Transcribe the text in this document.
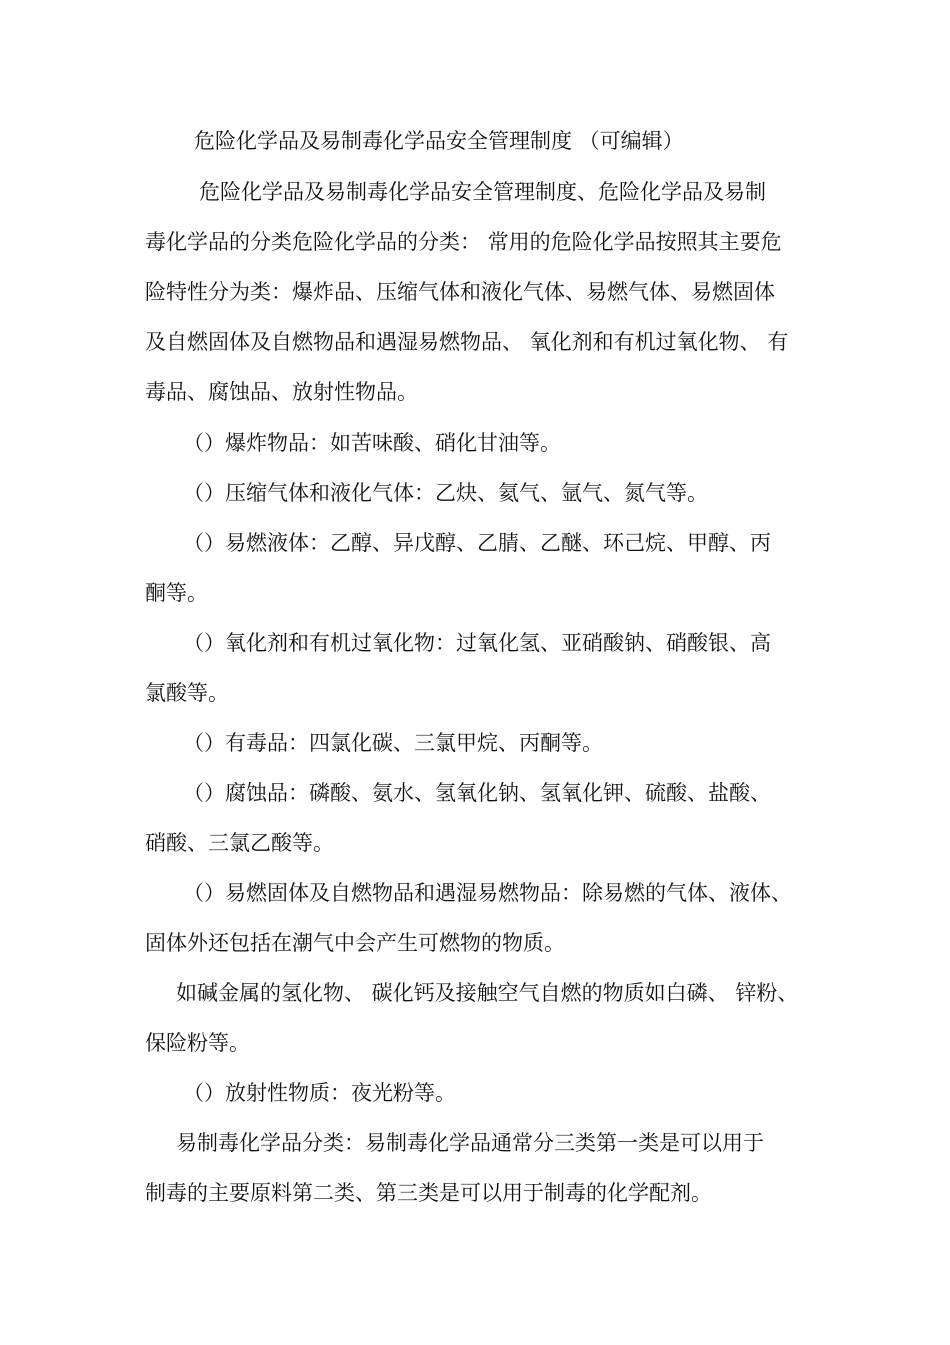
危险化学品及易制毒化学品安全管理制度 （可编辑）
危险化学品及易制毒化学品安全管理制度、危险化学品及易制
毒化学品的分类危险化学品的分类： 常用的危险化学品按照其主要危
险特性分为类：爆炸品、压缩气体和液化气体、易燃气体、易燃固体
及自燃固体及自燃物品和遇湿易燃物品、 氧化剂和有机过氧化物、 有
毒品、腐蚀品、放射性物品。
（）爆炸物品：如苦味酸、硝化甘油等。
（）压缩气体和液化气体：乙炔、氦气、氩气、氮气等。
（）易燃液体：乙醇、异戊醇、乙腈、乙醚、环己烷、甲醇、丙
酮等。
（）氧化剂和有机过氧化物：过氧化氢、亚硝酸钠、硝酸银、高
氯酸等。
（）有毒品：四氯化碳、三氯甲烷、丙酮等。
（）腐蚀品：磷酸、氨水、氢氧化钠、氢氧化钾、硫酸、盐酸、
硝酸、三氯乙酸等。
（）易燃固体及自燃物品和遇湿易燃物品：除易燃的气体、液体、
固体外还包括在潮气中会产生可燃物的物质。
如碱金属的氢化物、 碳化钙及接触空气自燃的物质如白磷、 锌粉、
保险粉等。
（）放射性物质：夜光粉等。
易制毒化学品分类：易制毒化学品通常分三类第一类是可以用于
制毒的主要原料第二类、第三类是可以用于制毒的化学配剂。
